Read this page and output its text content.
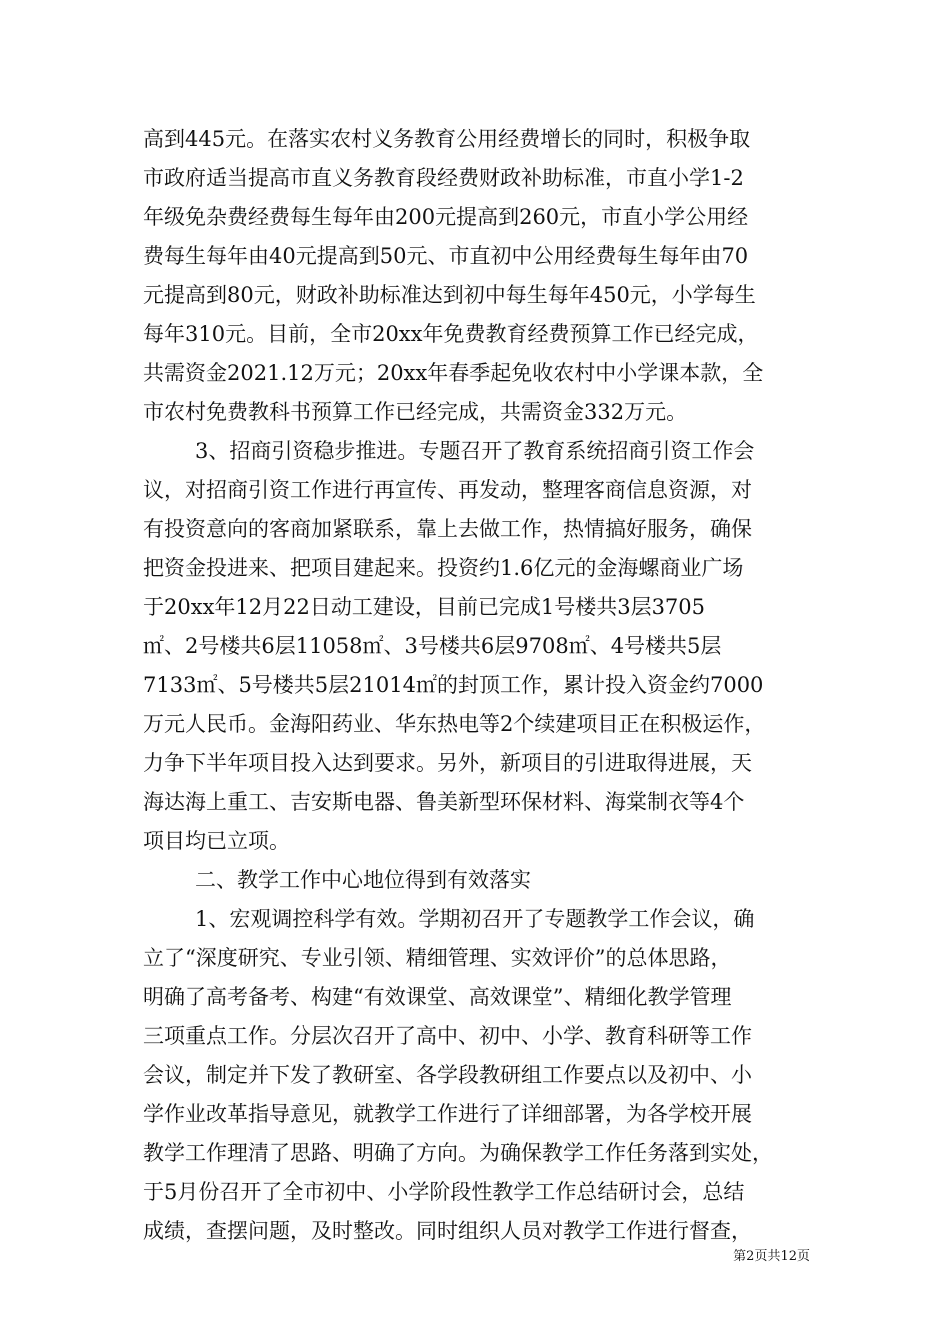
高到445元。在落实农村义务教育公用经费增长的同时，积极争取
市政府适当提高市直义务教育段经费财政补助标准，市直小学1-2
年级免杂费经费每生每年由200元提高到260元，市直小学公用经
费每生每年由40元提高到50元、市直初中公用经费每生每年由70
元提高到80元，财政补助标准达到初中每生每年450元，小学每生
每年310元。目前，全市20xx年免费教育经费预算工作已经完成，
共需资金2021.12万元；20xx年春季起免收农村中小学课本款，全
市农村免费教科书预算工作已经完成，共需资金332万元。
3、招商引资稳步推进。专题召开了教育系统招商引资工作会
议，对招商引资工作进行再宣传、再发动，整理客商信息资源，对
有投资意向的客商加紧联系，靠上去做工作，热情搞好服务，确保
把资金投进来、把项目建起来。投资约1.6亿元的金海螺商业广场
于20xx年12月22日动工建设，目前已完成1号楼共3层3705
㎡、2号楼共6层11058㎡、3号楼共6层9708㎡、4号楼共5层
7133㎡、5号楼共5层21014㎡的封顶工作，累计投入资金约7000
万元人民币。金海阳药业、华东热电等2个续建项目正在积极运作，
力争下半年项目投入达到要求。另外，新项目的引进取得进展，天
海达海上重工、吉安斯电器、鲁美新型环保材料、海棠制衣等4个
项目均已立项。
二、教学工作中心地位得到有效落实
1、宏观调控科学有效。学期初召开了专题教学工作会议，确
立了“深度研究、专业引领、精细管理、实效评价”的总体思路，
明确了高考备考、构建“有效课堂、高效课堂”、精细化教学管理
三项重点工作。分层次召开了高中、初中、小学、教育科研等工作
会议，制定并下发了教研室、各学段教研组工作要点以及初中、小
学作业改革指导意见，就教学工作进行了详细部署，为各学校开展
教学工作理清了思路、明确了方向。为确保教学工作任务落到实处，
于5月份召开了全市初中、小学阶段性教学工作总结研讨会，总结
成绩，查摆问题，及时整改。同时组织人员对教学工作进行督查，
第2页共12页
